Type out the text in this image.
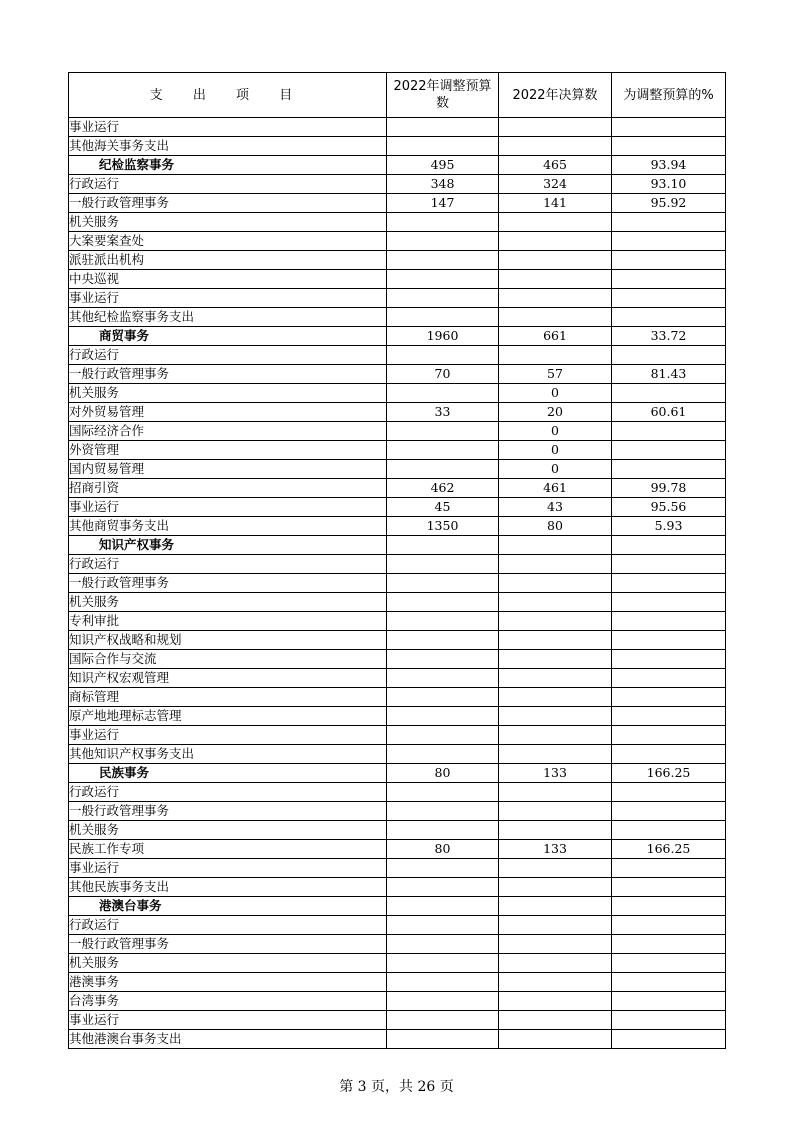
支 出 项 目	2022年调整预算数	2022年决算数	为调整预算的%
事业运行			
其他海关事务支出			
纪检监察事务	495	465	93.94
行政运行	348	324	93.10
一般行政管理事务	147	141	95.92
机关服务			
大案要案查处			
派驻派出机构			
中央巡视			
事业运行			
其他纪检监察事务支出			
商贸事务	1960	661	33.72
行政运行			
一般行政管理事务	70	57	81.43
机关服务		0	
对外贸易管理	33	20	60.61
国际经济合作		0	
外资管理		0	
国内贸易管理		0	
招商引资	462	461	99.78
事业运行	45	43	95.56
其他商贸事务支出	1350	80	5.93
知识产权事务			
行政运行			
一般行政管理事务			
机关服务			
专利审批			
知识产权战略和规划			
国际合作与交流			
知识产权宏观管理			
商标管理			
原产地地理标志管理			
事业运行			
其他知识产权事务支出			
民族事务	80	133	166.25
行政运行			
一般行政管理事务			
机关服务			
民族工作专项	80	133	166.25
事业运行			
其他民族事务支出			
港澳台事务			
行政运行			
一般行政管理事务			
机关服务			
港澳事务			
台湾事务			
事业运行			
其他港澳台事务支出			
第 3 页，共 26 页
